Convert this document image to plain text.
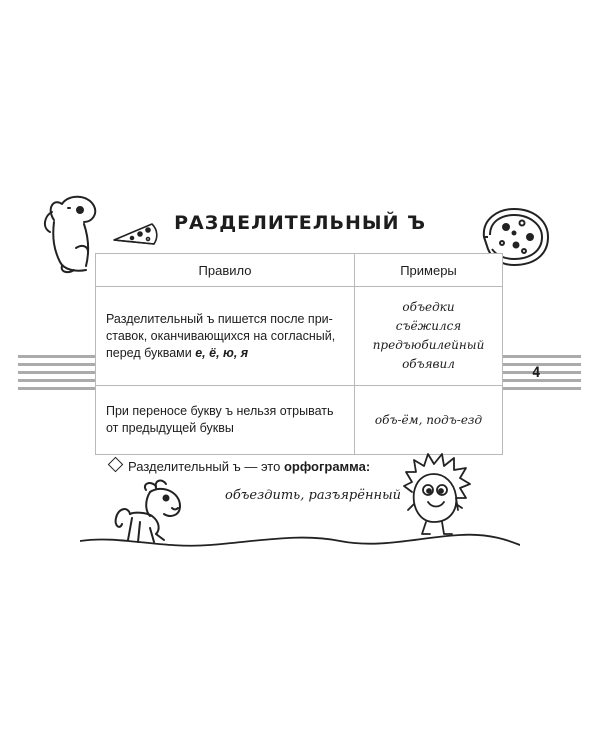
РАЗДЕЛИТЕЛЬНЫЙ Ъ
4
Правило	Примеры
Разделительный ъ пишется после приставок, оканчивающихся на согласный, перед буквами е, ё, ю, я	объедки
съёжился
предъюбилейный
объявил

При переносе букву ъ нельзя отрывать от предыдущей буквы	объ-ём, подъ-езд
Разделительный ъ — это орфограмма:
объездить, разъярённый
